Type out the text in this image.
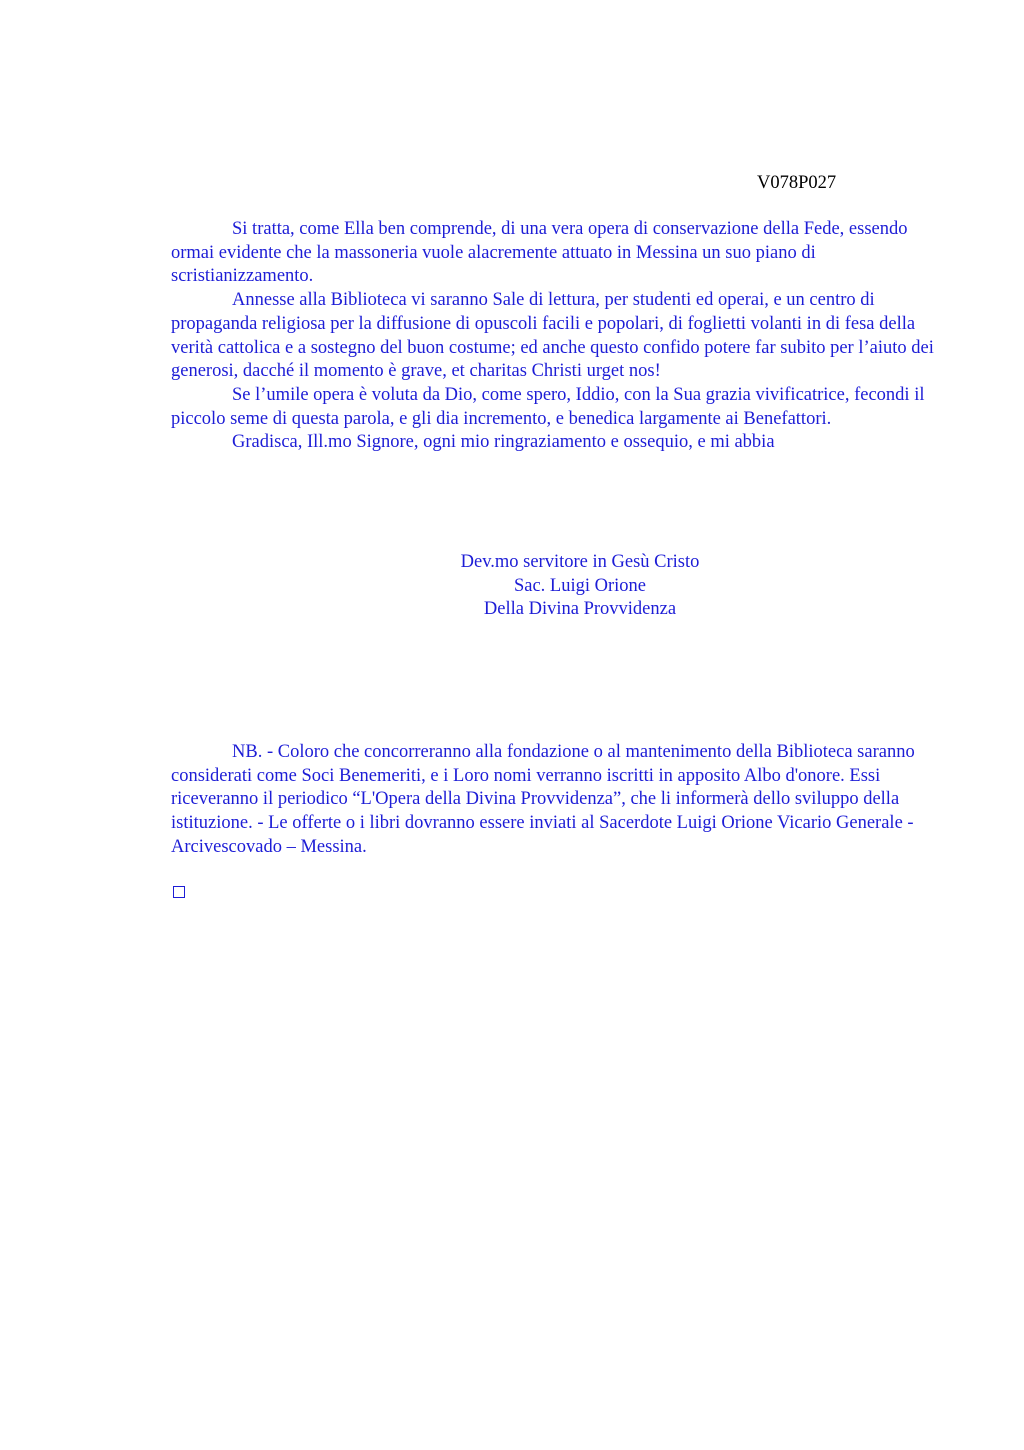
V078P027

Si tratta, come Ella ben comprende, di una vera opera di conservazione della Fede, essendo ormai evidente che la massoneria vuole alacremente attuato in Messina un suo piano di scristianizzamento.

Annesse alla Biblioteca vi saranno Sale di lettura, per studenti ed operai, e un centro di propaganda religiosa per la diffusione di opuscoli facili e popolari, di foglietti volanti in di fesa della verità cattolica e a sostegno del buon costume; ed anche questo confido potere far subito per l’aiuto dei generosi, dacché il momento è grave, et charitas Christi urget nos!

Se l’umile opera è voluta da Dio, come spero, Iddio, con la Sua grazia vivificatrice, fecondi il piccolo seme di questa parola, e gli dia incremento, e benedica largamente ai Benefattori.

Gradisca, Ill.mo Signore, ogni mio ringraziamento e ossequio, e mi abbia

Dev.mo servitore in Gesù Cristo
Sac. Luigi Orione
Della Divina Provvidenza

NB. - Coloro che concorreranno alla fondazione o al mantenimento della Biblioteca saranno considerati come Soci Benemeriti, e i Loro nomi verranno iscritti in apposito Albo d'onore. Essi riceveranno il periodico “L'Opera della Divina Provvidenza”, che li informerà dello sviluppo della istituzione. - Le offerte o i libri dovranno essere inviati al Sacerdote Luigi Orione Vicario Generale - Arcivescovado – Messina.
